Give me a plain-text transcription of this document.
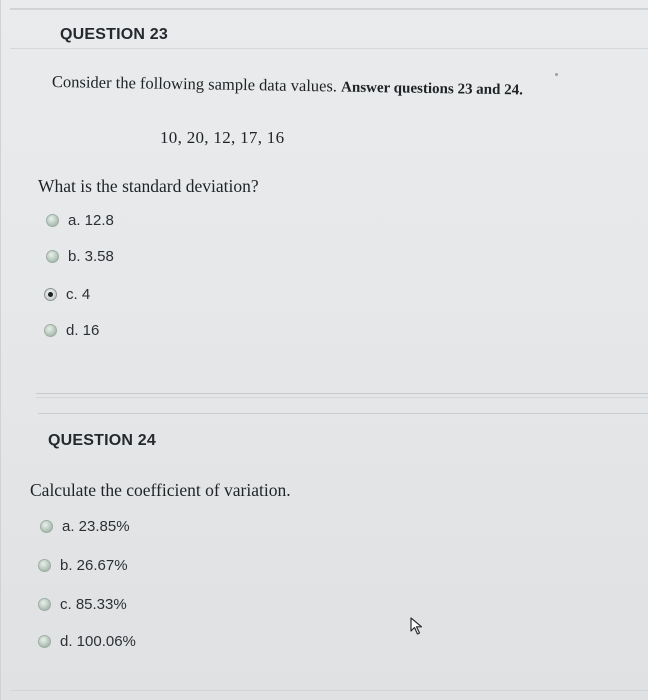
QUESTION 23
Consider the following sample data values. Answer questions 23 and 24.
10, 20, 12, 17, 16
What is the standard deviation?
a. 12.8
b. 3.58
c. 4
d. 16
QUESTION 24
Calculate the coefficient of variation.
a. 23.85%
b. 26.67%
c. 85.33%
d. 100.06%
